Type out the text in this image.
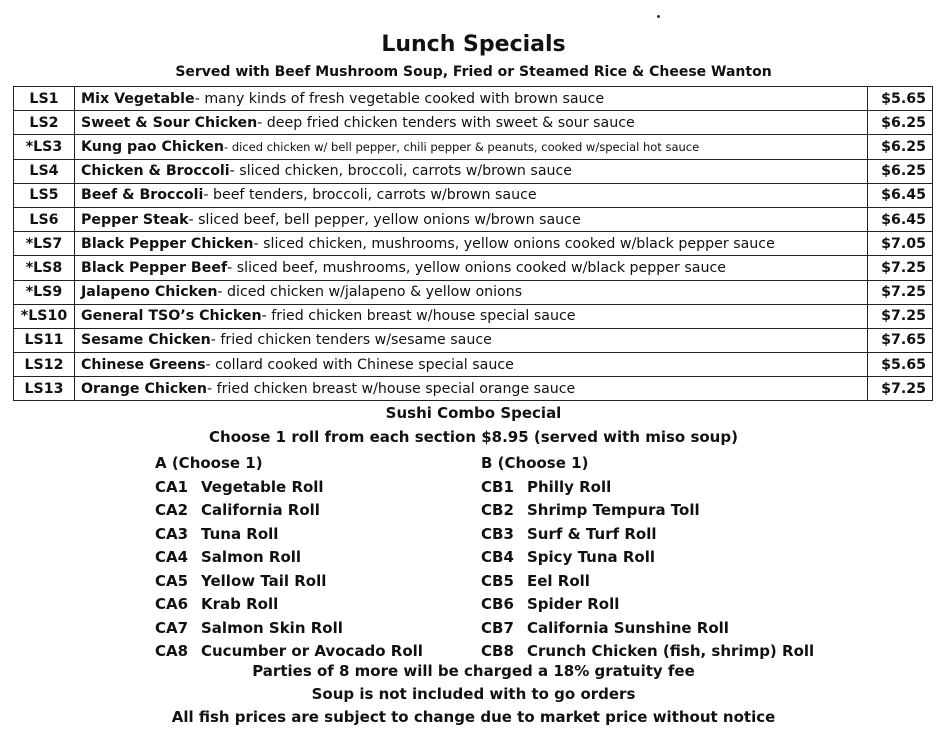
Lunch Specials
Served with Beef Mushroom Soup, Fried or Steamed Rice & Cheese Wanton
LS1	Mix Vegetable- many kinds of fresh vegetable cooked with brown sauce	$5.65
LS2	Sweet & Sour Chicken- deep fried chicken tenders with sweet & sour sauce	$6.25
*LS3	Kung pao Chicken- diced chicken w/ bell pepper, chili pepper & peanuts, cooked w/special hot sauce	$6.25
LS4	Chicken & Broccoli- sliced chicken, broccoli, carrots w/brown sauce	$6.25
LS5	Beef & Broccoli- beef tenders, broccoli, carrots w/brown sauce	$6.45
LS6	Pepper Steak- sliced beef, bell pepper, yellow onions w/brown sauce	$6.45
*LS7	Black Pepper Chicken- sliced chicken, mushrooms, yellow onions cooked w/black pepper sauce	$7.05
*LS8	Black Pepper Beef- sliced beef, mushrooms, yellow onions cooked w/black pepper sauce	$7.25
*LS9	Jalapeno Chicken- diced chicken w/jalapeno & yellow onions	$7.25
*LS10	General TSO’s Chicken- fried chicken breast w/house special sauce	$7.25
LS11	Sesame Chicken- fried chicken tenders w/sesame sauce	$7.65
LS12	Chinese Greens- collard cooked with Chinese special sauce	$5.65
LS13	Orange Chicken- fried chicken breast w/house special orange sauce	$7.25
Sushi Combo Special
Choose 1 roll from each section $8.95 (served with miso soup)
A (Choose 1)
CA1 Vegetable Roll
CA2 California Roll
CA3 Tuna Roll
CA4 Salmon Roll
CA5 Yellow Tail Roll
CA6 Krab Roll
CA7 Salmon Skin Roll
CA8 Cucumber or Avocado Roll
B (Choose 1)
CB1 Philly Roll
CB2 Shrimp Tempura Toll
CB3 Surf & Turf Roll
CB4 Spicy Tuna Roll
CB5 Eel Roll
CB6 Spider Roll
CB7 California Sunshine Roll
CB8 Crunch Chicken (fish, shrimp) Roll
Parties of 8 more will be charged a 18% gratuity fee
Soup is not included with to go orders
All fish prices are subject to change due to market price without notice
